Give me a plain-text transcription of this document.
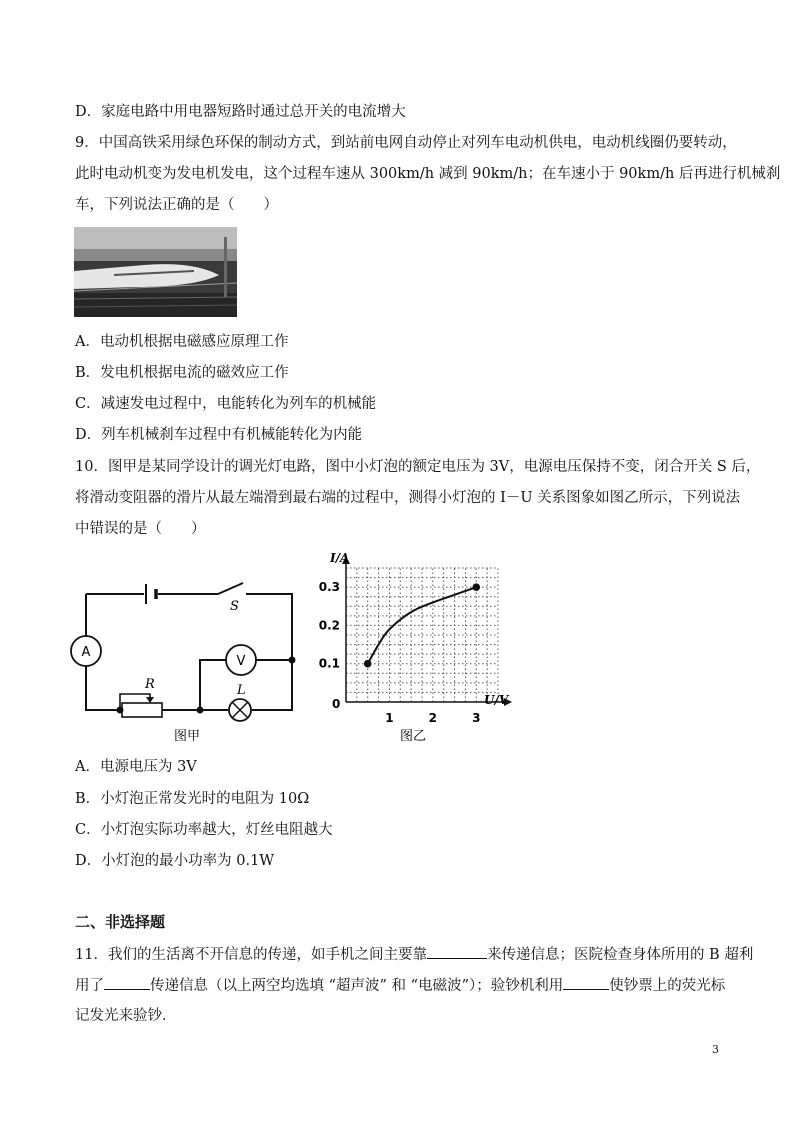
D．家庭电路中用电器短路时通过总开关的电流增大
9．中国高铁采用绿色环保的制动方式，到站前电网自动停止对列车电动机供电，电动机线圈仍要转动，
此时电动机变为发电机发电，这个过程车速从 300km/h 减到 90km/h；在车速小于 90km/h 后再进行机械刹
车，下列说法正确的是（　　）
A．电动机根据电磁感应原理工作
B．发电机根据电流的磁效应工作
C．减速发电过程中，电能转化为列车的机械能
D．列车机械刹车过程中有机械能转化为内能
10．图甲是某同学设计的调光灯电路，图中小灯泡的额定电压为 3V，电源电压保持不变，闭合开关 S 后，
将滑动变阻器的滑片从最左端滑到最右端的过程中，测得小灯泡的 I－U 关系图象如图乙所示，下列说法
中错误的是（　　）
A
V
S
R	L
图甲
1	2	3
0.1
0.2
0.3
I/A
U/V
0
图乙
A．电源电压为 3V
B．小灯泡正常发光时的电阻为 10Ω
C．小灯泡实际功率越大，灯丝电阻越大
D．小灯泡的最小功率为 0.1W
二、非选择题
11．我们的生活离不开信息的传递，如手机之间主要靠	来传递信息；医院检查身体所用的 B 超利
用了	传递信息（以上两空均选填 “超声波” 和 “电磁波”）；验钞机利用	使钞票上的荧光标
记发光来验钞．
3
